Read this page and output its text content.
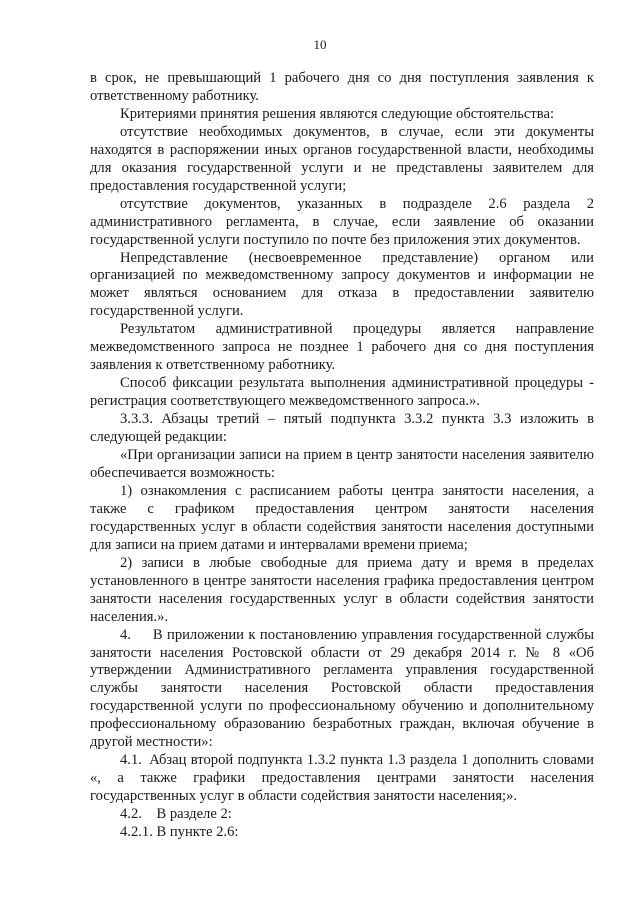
10

в срок, не превышающий 1 рабочего дня со дня поступления заявления к ответственному работнику.

Критериями принятия решения являются следующие обстоятельства:

отсутствие необходимых документов, в случае, если эти документы находятся в распоряжении иных органов государственной власти, необходимы для оказания государственной услуги и не представлены заявителем для предоставления государственной услуги;

отсутствие документов, указанных в подразделе 2.6 раздела 2 административного регламента, в случае, если заявление об оказании государственной услуги поступило по почте без приложения этих документов.

Непредставление (несвоевременное представление) органом или организацией по межведомственному запросу документов и информации не может являться основанием для отказа в предоставлении заявителю государственной услуги.

Результатом административной процедуры является направление межведомственного запроса не позднее 1 рабочего дня со дня поступления заявления к ответственному работнику.

Способ фиксации результата выполнения административной процедуры - регистрация соответствующего межведомственного запроса.».

3.3.3. Абзацы третий – пятый подпункта 3.3.2 пункта 3.3 изложить в следующей редакции:

«При организации записи на прием в центр занятости населения заявителю обеспечивается возможность:

1) ознакомления с расписанием работы центра занятости населения, а также с графиком предоставления центром занятости населения государственных услуг в области содействия занятости населения доступными для записи на прием датами и интервалами времени приема;

2) записи в любые свободные для приема дату и время в пределах установленного в центре занятости населения графика предоставления центром занятости населения государственных услуг в области содействия занятости населения.».

4.  В приложении к постановлению управления государственной службы занятости населения Ростовской области от 29 декабря 2014 г. № 8 «Об утверждении Административного регламента управления государственной службы занятости населения Ростовской области предоставления государственной услуги по профессиональному обучению и дополнительному профессиональному образованию безработных граждан, включая обучение в другой местности»:

4.1. Абзац второй подпункта 1.3.2 пункта 1.3 раздела 1 дополнить словами «, а также графики предоставления центрами занятости населения государственных услуг в области содействия занятости населения;».

4.2.  В разделе 2:

4.2.1. В пункте 2.6:
